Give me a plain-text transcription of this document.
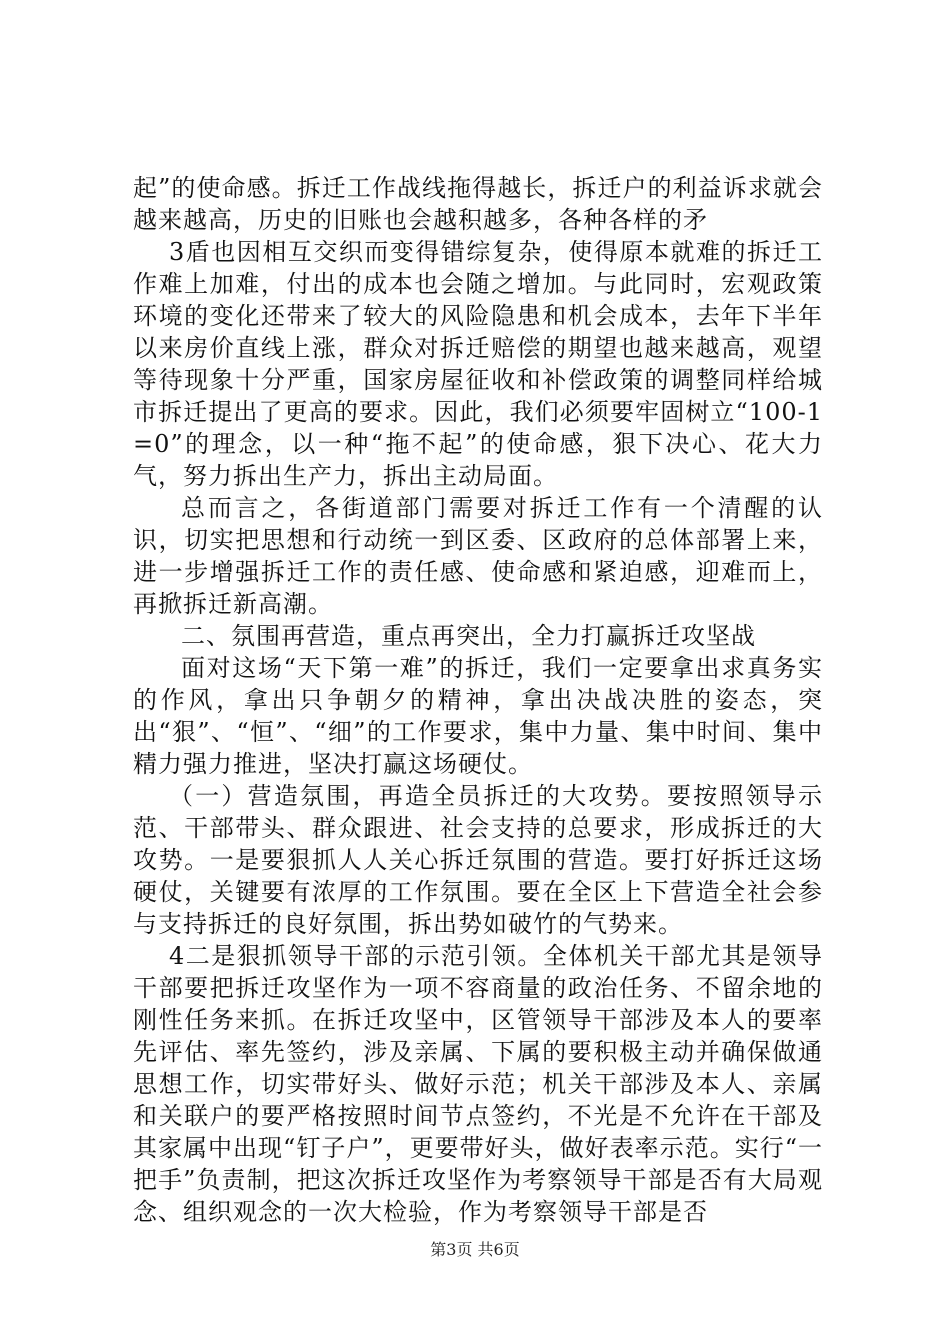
起”的使命感。拆迁工作战线拖得越长，拆迁户的利益诉求就会越来越高，历史的旧账也会越积越多，各种各样的矛

3盾也因相互交织而变得错综复杂，使得原本就难的拆迁工作难上加难，付出的成本也会随之增加。与此同时，宏观政策环境的变化还带来了较大的风险隐患和机会成本，去年下半年以来房价直线上涨，群众对拆迁赔偿的期望也越来越高，观望等待现象十分严重，国家房屋征收和补偿政策的调整同样给城市拆迁提出了更高的要求。因此，我们必须要牢固树立“100-1=0”的理念，以一种“拖不起”的使命感，狠下决心、花大力气，努力拆出生产力，拆出主动局面。

总而言之，各街道部门需要对拆迁工作有一个清醒的认识，切实把思想和行动统一到区委、区政府的总体部署上来，进一步增强拆迁工作的责任感、使命感和紧迫感，迎难而上，再掀拆迁新高潮。

二、氛围再营造，重点再突出，全力打赢拆迁攻坚战

面对这场“天下第一难”的拆迁，我们一定要拿出求真务实的作风，拿出只争朝夕的精神，拿出决战决胜的姿态，突出“狠”、“恒”、“细”的工作要求，集中力量、集中时间、集中精力强力推进，坚决打赢这场硬仗。

（一）营造氛围，再造全员拆迁的大攻势。要按照领导示范、干部带头、群众跟进、社会支持的总要求，形成拆迁的大攻势。一是要狠抓人人关心拆迁氛围的营造。要打好拆迁这场硬仗，关键要有浓厚的工作氛围。要在全区上下营造全社会参与支持拆迁的良好氛围，拆出势如破竹的气势来。

4二是狠抓领导干部的示范引领。全体机关干部尤其是领导干部要把拆迁攻坚作为一项不容商量的政治任务、不留余地的刚性任务来抓。在拆迁攻坚中，区管领导干部涉及本人的要率先评估、率先签约，涉及亲属、下属的要积极主动并确保做通思想工作，切实带好头、做好示范；机关干部涉及本人、亲属和关联户的要严格按照时间节点签约，不光是不允许在干部及其家属中出现“钉子户”，更要带好头，做好表率示范。实行“一把手”负责制，把这次拆迁攻坚作为考察领导干部是否有大局观念、组织观念的一次大检验，作为考察领导干部是否

第3页 共6页
